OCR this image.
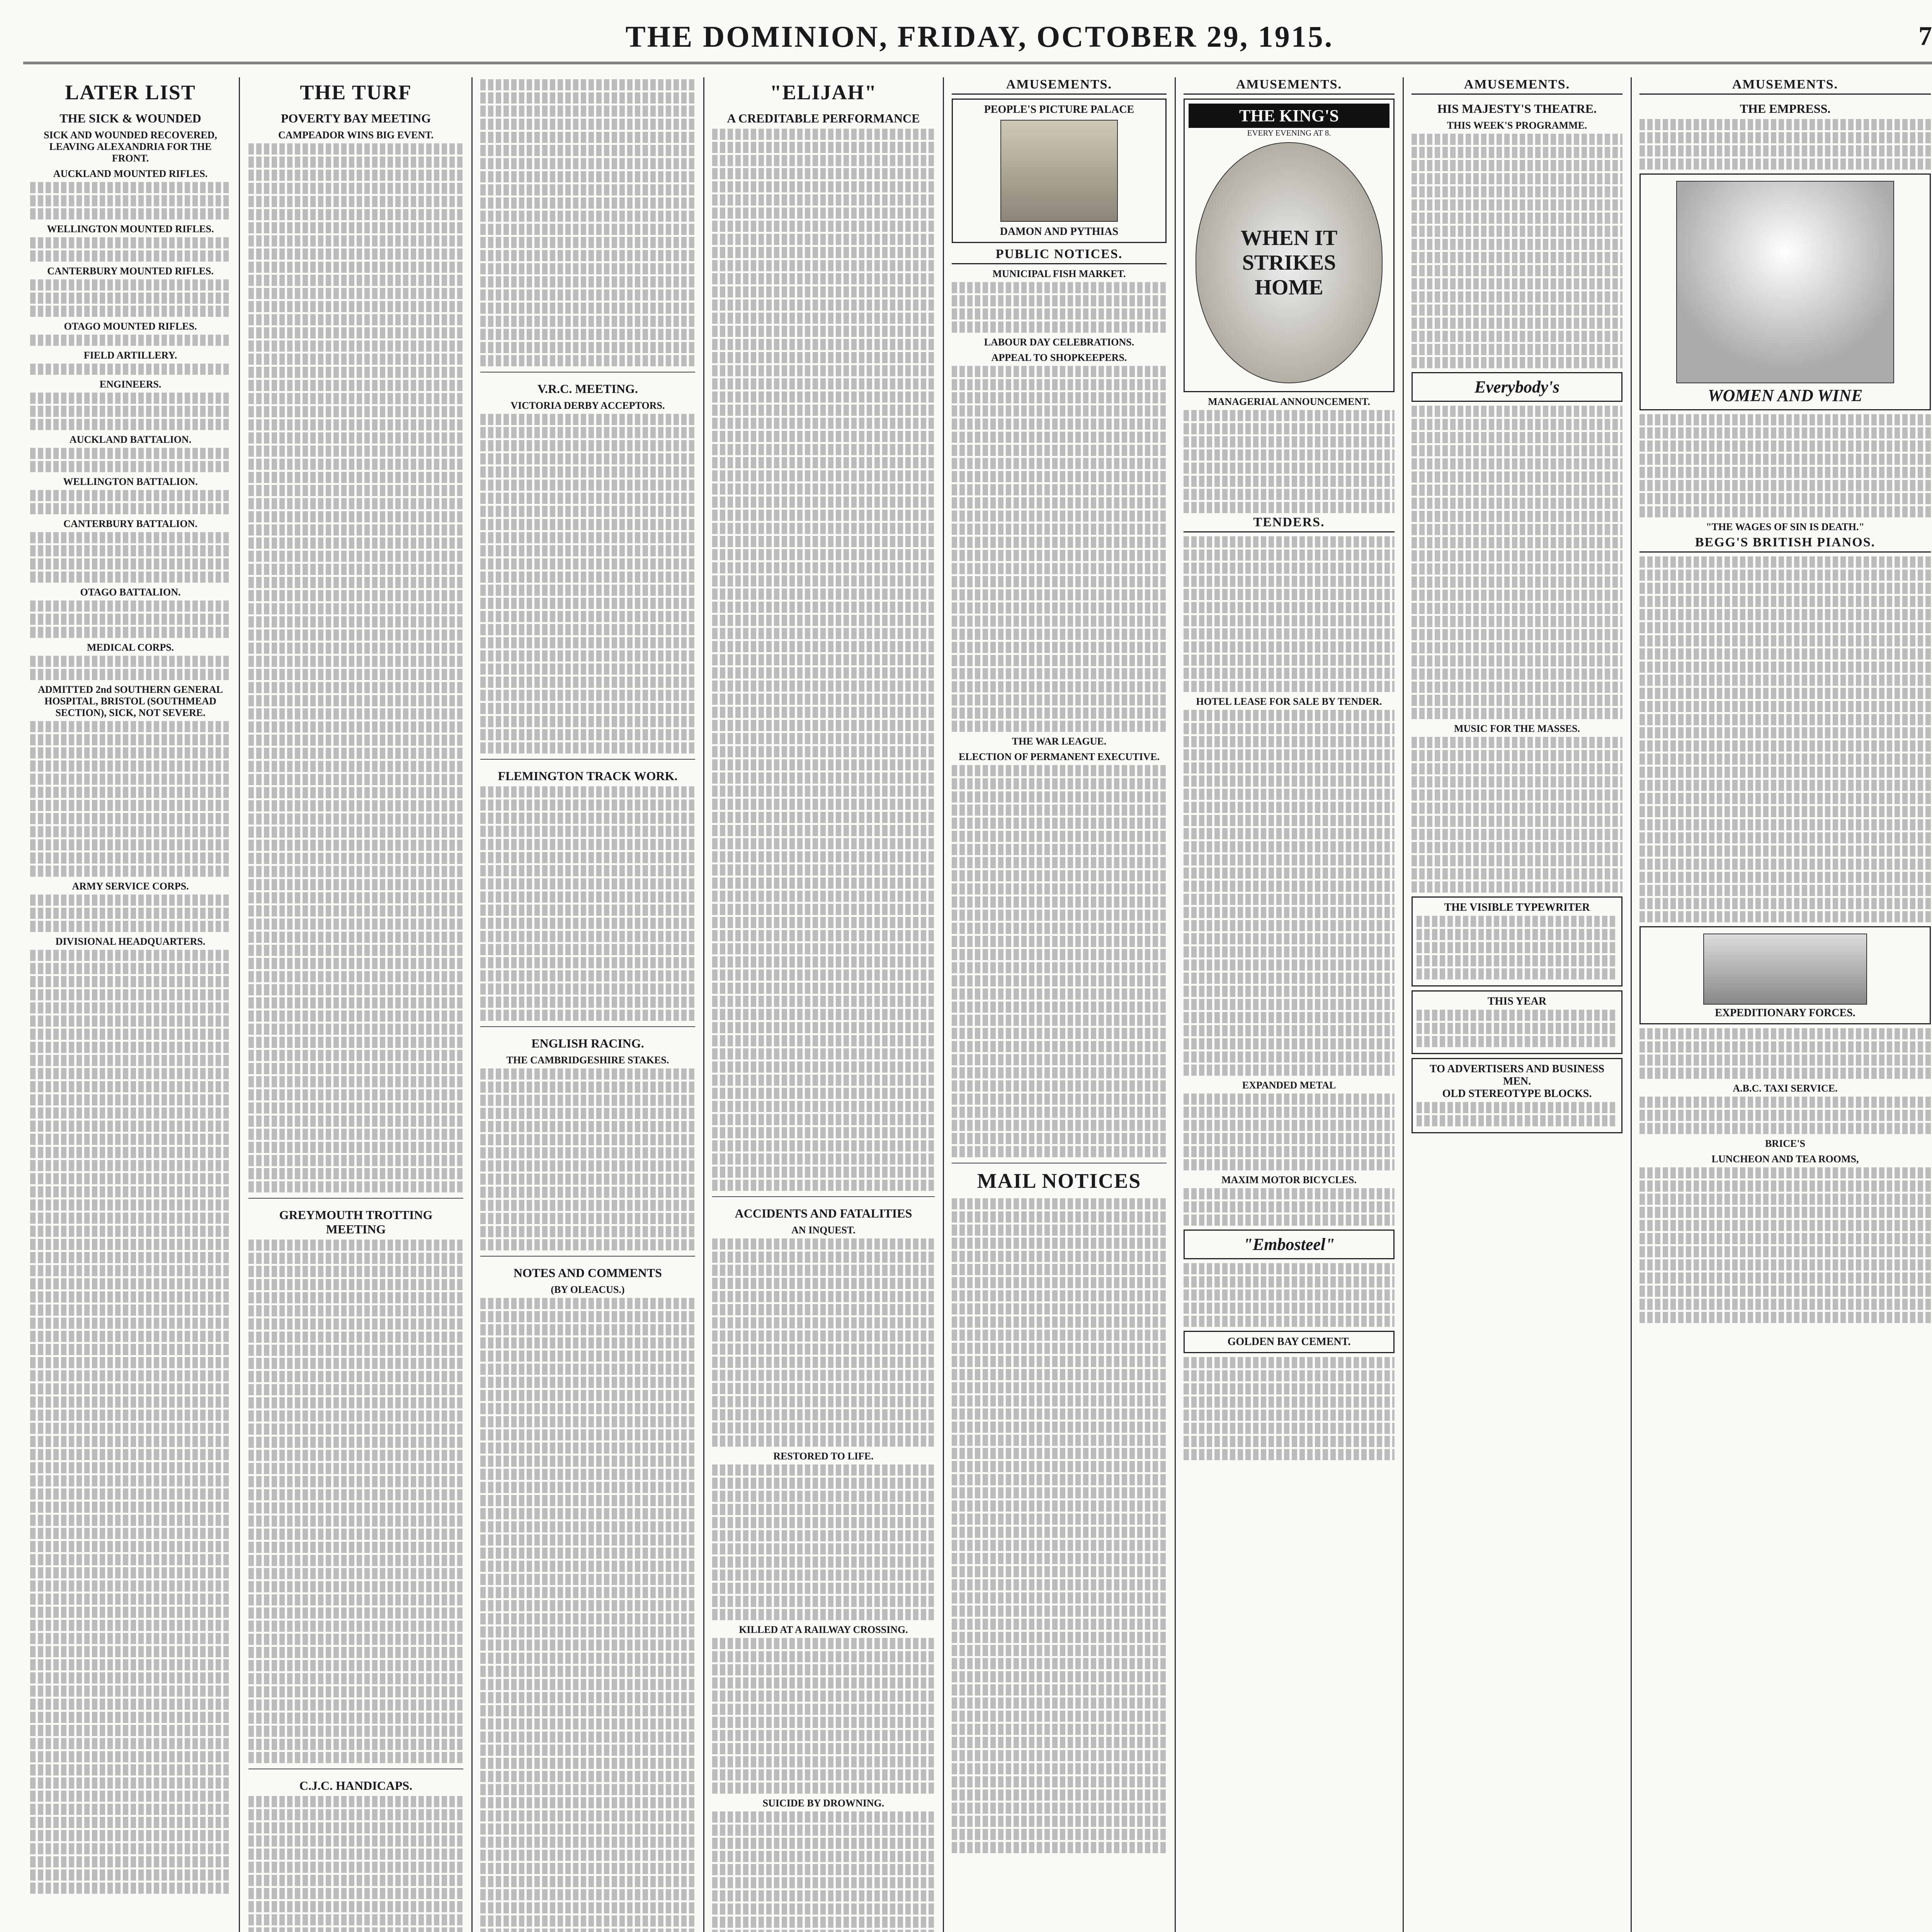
THE DOMINION, FRIDAY, OCTOBER 29, 1915.	7
LATER LIST
THE SICK & WOUNDED
SICK AND WOUNDED RECOVERED, LEAVING ALEXANDRIA FOR THE FRONT.
AUCKLAND MOUNTED RIFLES.
WELLINGTON MOUNTED RIFLES.
CANTERBURY MOUNTED RIFLES.
OTAGO MOUNTED RIFLES.
FIELD ARTILLERY.
ENGINEERS.
AUCKLAND BATTALION.
WELLINGTON BATTALION.
CANTERBURY BATTALION.
OTAGO BATTALION.
MEDICAL CORPS.
ADMITTED 2nd SOUTHERN GENERAL HOSPITAL, BRISTOL (SOUTHMEAD SECTION), SICK, NOT SEVERE.
ARMY SERVICE CORPS.
DIVISIONAL HEADQUARTERS.
THE TURF
POVERTY BAY MEETING
CAMPEADOR WINS BIG EVENT.
GREYMOUTH TROTTING MEETING
C.J.C. HANDICAPS.
V.R.C. MEETING.
VICTORIA DERBY ACCEPTORS.
FLEMINGTON TRACK WORK.
ENGLISH RACING.
THE CAMBRIDGESHIRE STAKES.
NOTES AND COMMENTS
(BY OLEACUS.)
"ELIJAH"
A CREDITABLE PERFORMANCE
ACCIDENTS AND FATALITIES
AN INQUEST.
RESTORED TO LIFE.
KILLED AT A RAILWAY CROSSING.
SUICIDE BY DROWNING.
AMUSEMENTS.
PEOPLE'S PICTURE PALACE
DAMON AND PYTHIAS
PUBLIC NOTICES.
MUNICIPAL FISH MARKET.
LABOUR DAY CELEBRATIONS.
APPEAL TO SHOPKEEPERS.
THE WAR LEAGUE.
ELECTION OF PERMANENT EXECUTIVE.
MAIL NOTICES
AMUSEMENTS.
THE KING'S
EVERY EVENING AT 8.
WHEN IT STRIKES HOME
MANAGERIAL ANNOUNCEMENT.
TENDERS.
HOTEL LEASE FOR SALE BY TENDER.
EXPANDED METAL
MAXIM MOTOR BICYCLES.
"Embosteel"
GOLDEN BAY CEMENT.
AMUSEMENTS.
HIS MAJESTY'S THEATRE.
THIS WEEK'S PROGRAMME.
Everybody's
MUSIC FOR THE MASSES.
THE VISIBLE TYPEWRITER
THIS YEAR
TO ADVERTISERS AND BUSINESS MEN.
OLD STEREOTYPE BLOCKS.
AMUSEMENTS.
THE EMPRESS.
WOMEN AND WINE
"THE WAGES OF SIN IS DEATH."
BEGG'S BRITISH PIANOS.
EXPEDITIONARY FORCES.
A.B.C. TAXI SERVICE.
BRICE'S
LUNCHEON AND TEA ROOMS,
